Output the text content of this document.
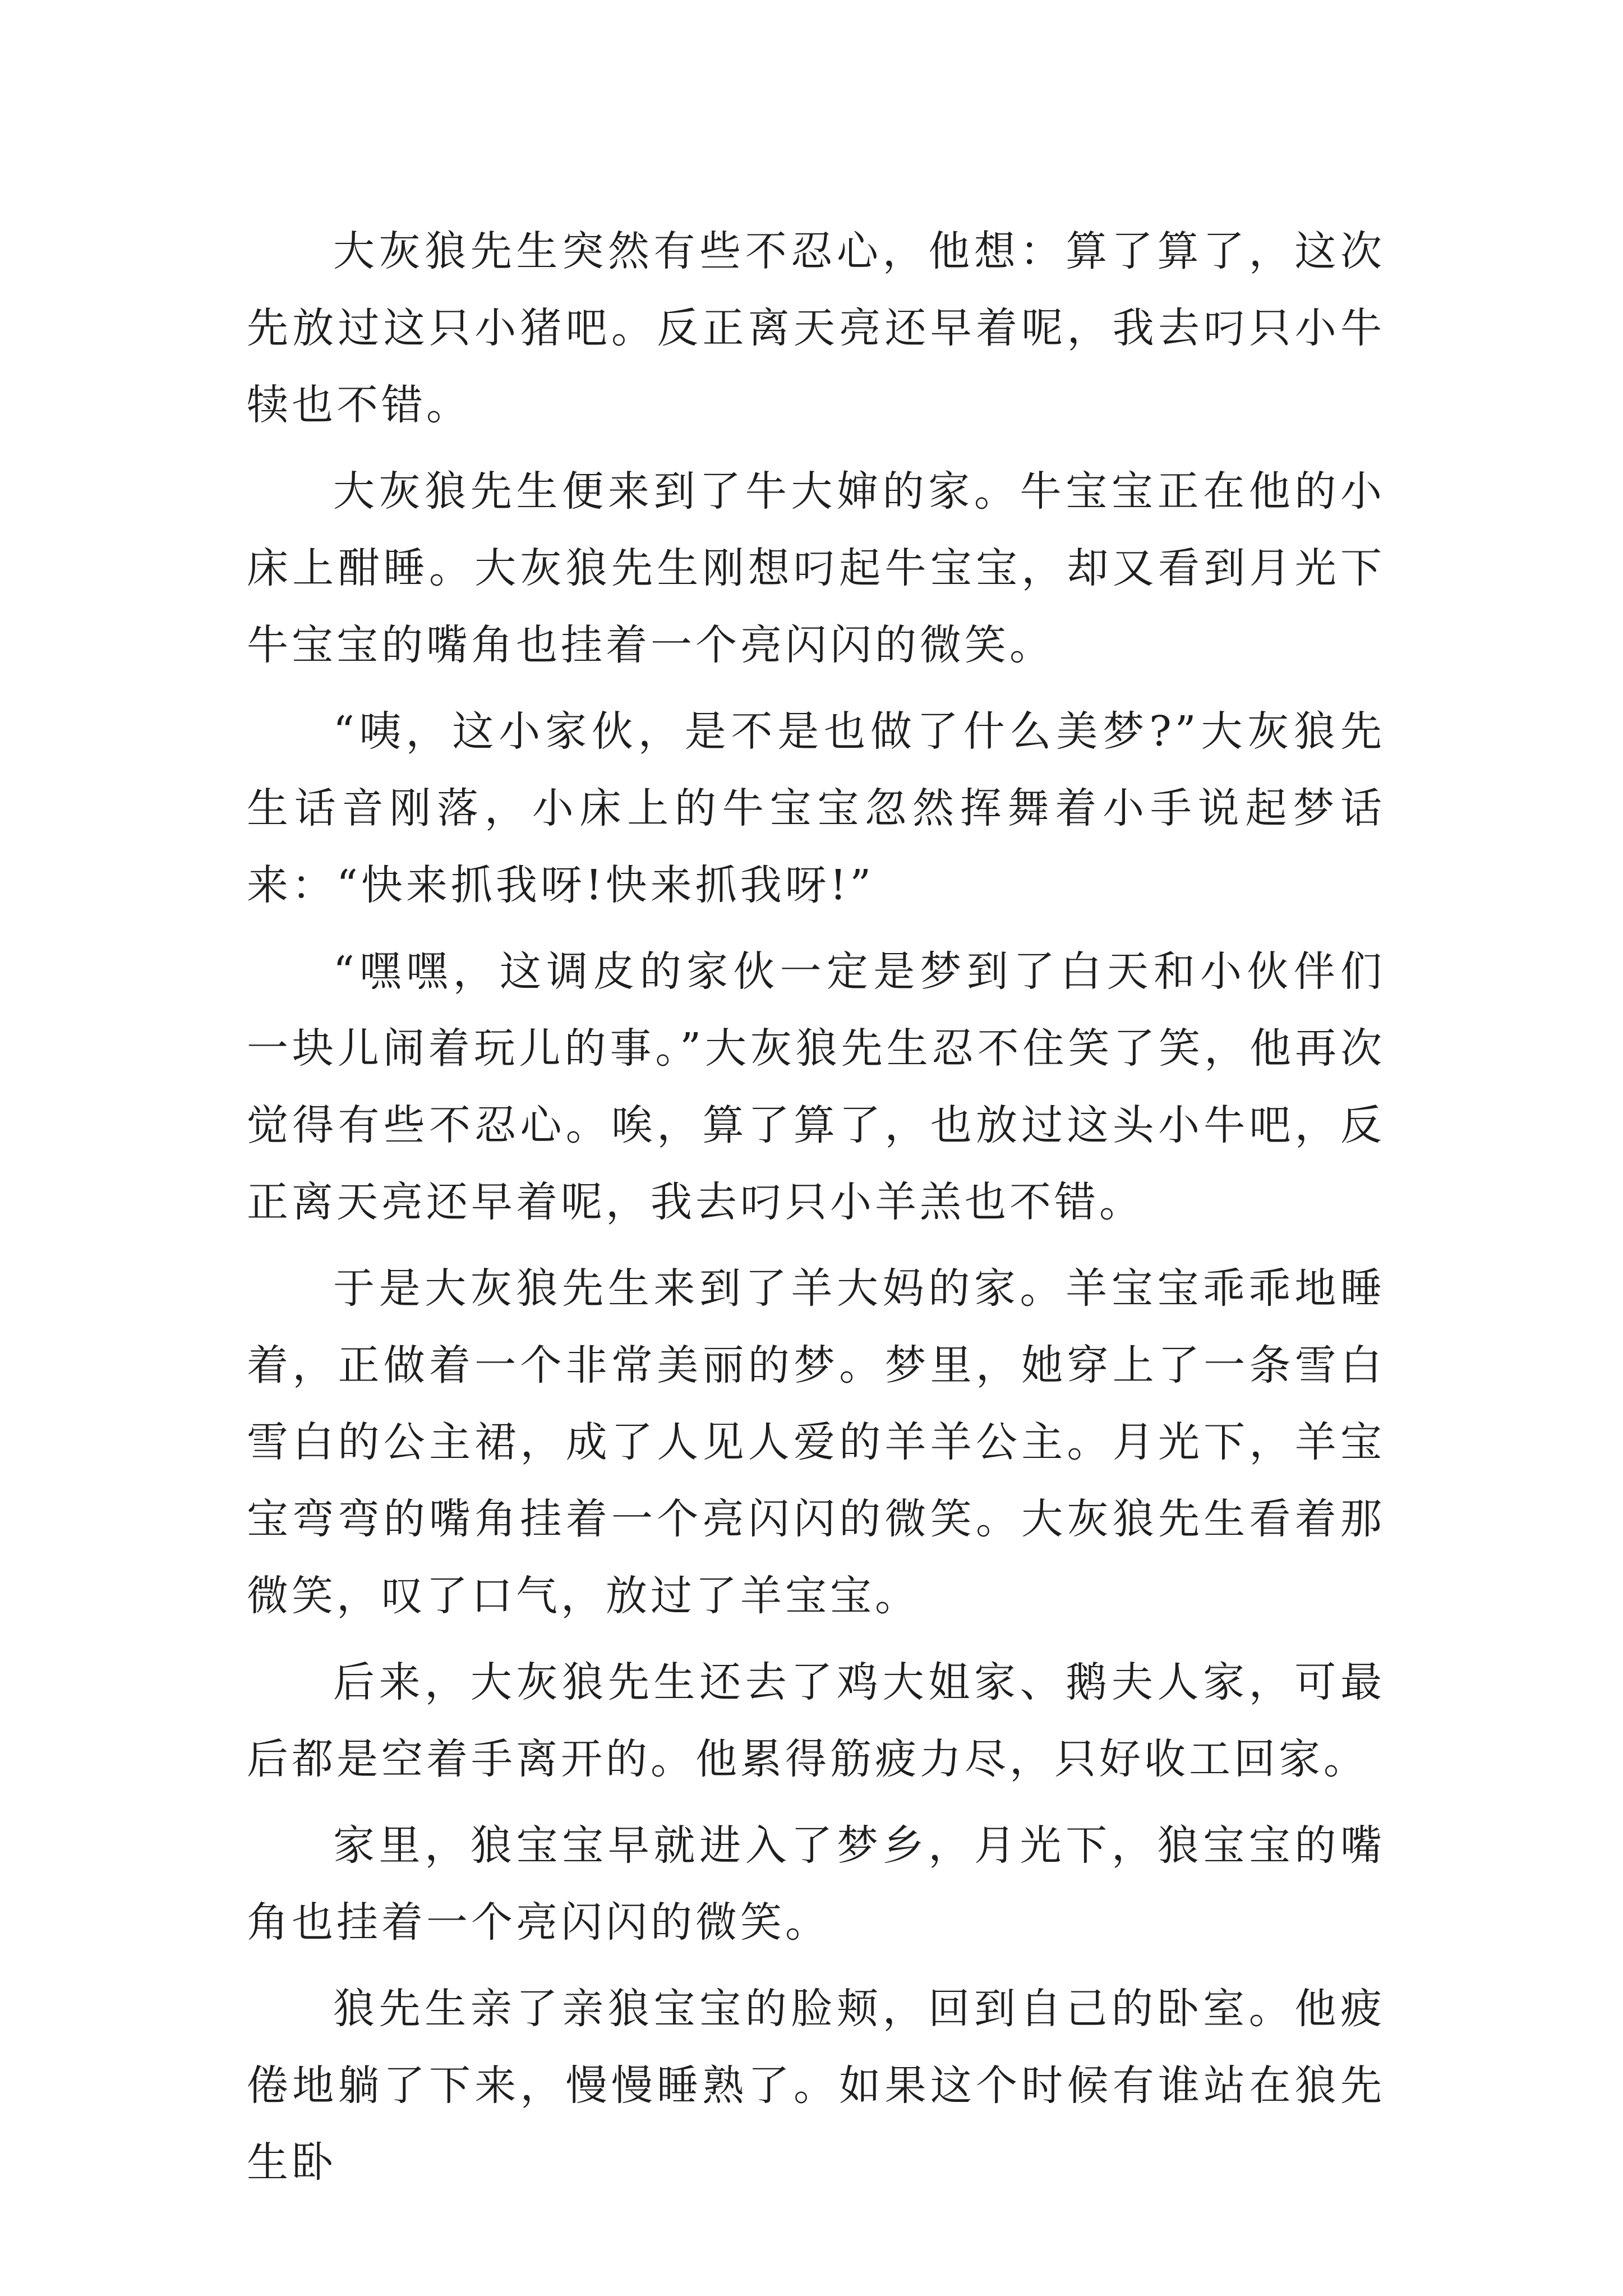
大灰狼先生突然有些不忍心，他想：算了算了，这次先放过这只小猪吧。反正离天亮还早着呢，我去叼只小牛犊也不错。

大灰狼先生便来到了牛大婶的家。牛宝宝正在他的小床上酣睡。大灰狼先生刚想叼起牛宝宝，却又看到月光下牛宝宝的嘴角也挂着一个亮闪闪的微笑。

“咦，这小家伙，是不是也做了什么美梦?”大灰狼先生话音刚落，小床上的牛宝宝忽然挥舞着小手说起梦话来：“快来抓我呀!快来抓我呀!”

“嘿嘿，这调皮的家伙一定是梦到了白天和小伙伴们一块儿闹着玩儿的事。”大灰狼先生忍不住笑了笑，他再次觉得有些不忍心。唉，算了算了，也放过这头小牛吧，反正离天亮还早着呢，我去叼只小羊羔也不错。

于是大灰狼先生来到了羊大妈的家。羊宝宝乖乖地睡着，正做着一个非常美丽的梦。梦里，她穿上了一条雪白雪白的公主裙，成了人见人爱的羊羊公主。月光下，羊宝宝弯弯的嘴角挂着一个亮闪闪的微笑。大灰狼先生看着那微笑，叹了口气，放过了羊宝宝。

后来，大灰狼先生还去了鸡大姐家、鹅夫人家，可最后都是空着手离开的。他累得筋疲力尽，只好收工回家。

家里，狼宝宝早就进入了梦乡，月光下，狼宝宝的嘴角也挂着一个亮闪闪的微笑。

狼先生亲了亲狼宝宝的脸颊，回到自己的卧室。他疲倦地躺了下来，慢慢睡熟了。如果这个时候有谁站在狼先生卧
